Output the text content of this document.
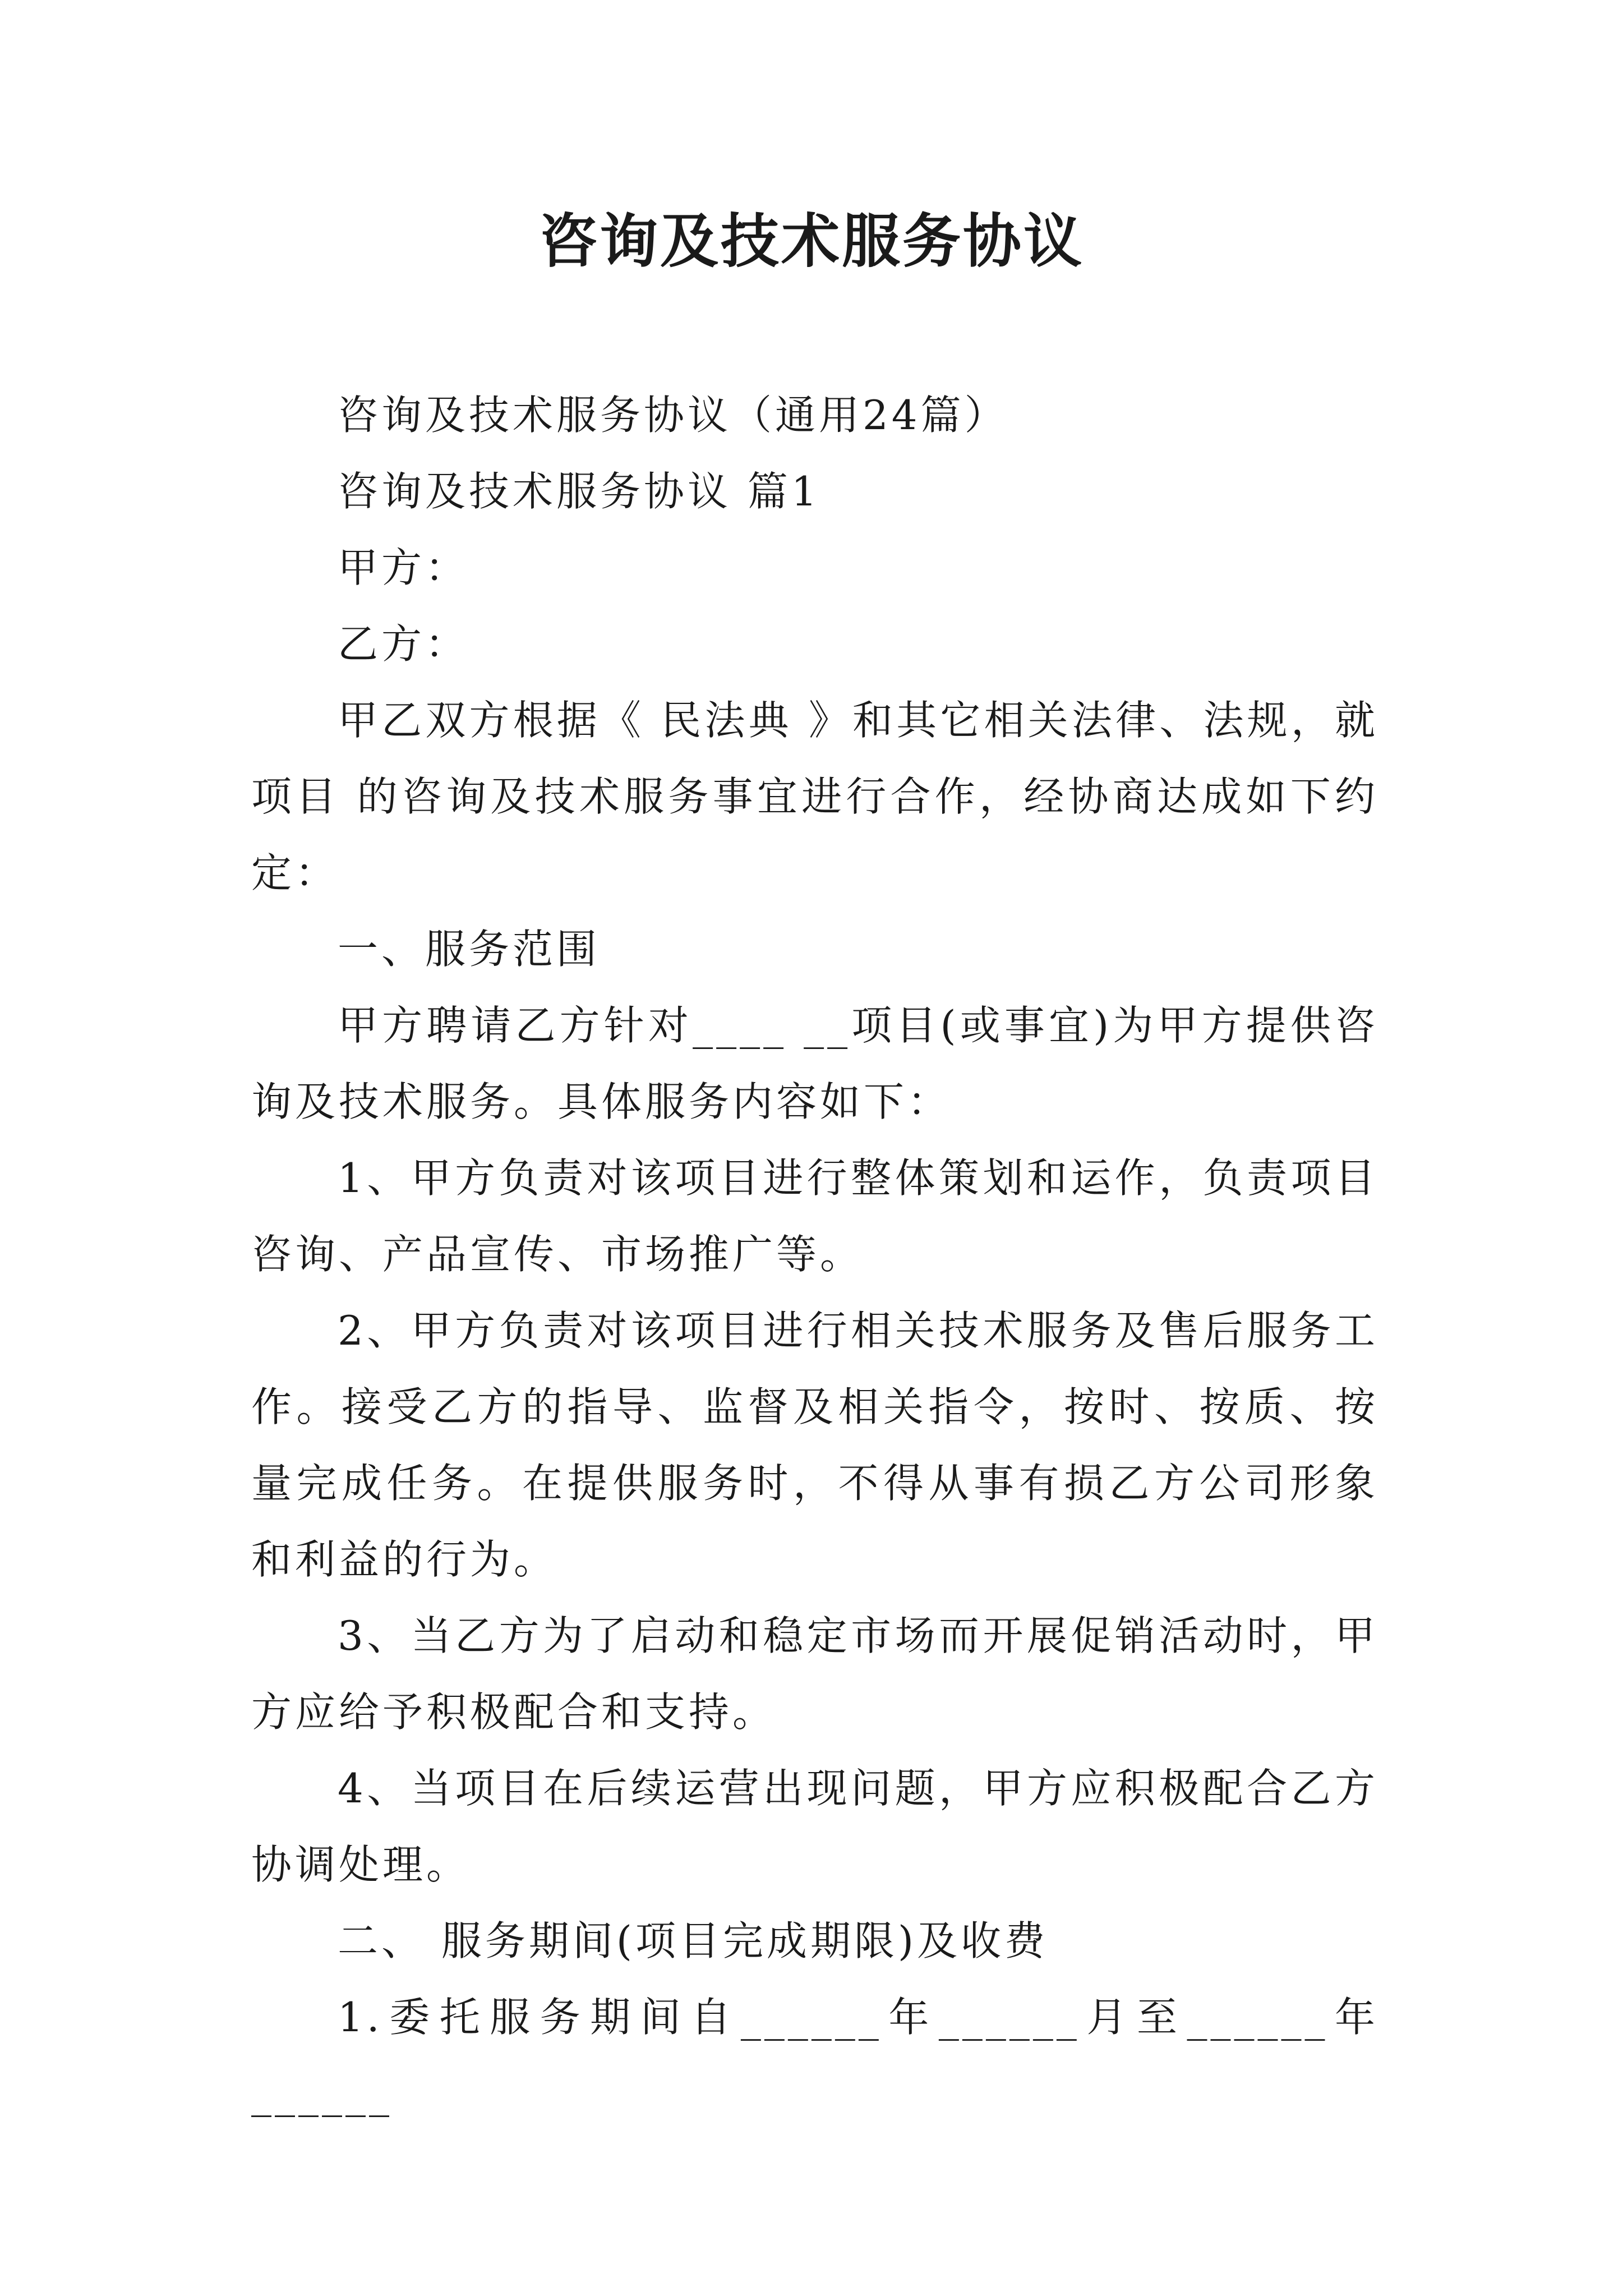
咨询及技术服务协议

咨询及技术服务协议（通用24篇）

咨询及技术服务协议 篇1

甲方：

乙方：

甲乙双方根据《 民法典 》和其它相关法律、法规，就项目 的咨询及技术服务事宜进行合作，经协商达成如下约定：

一、服务范围

甲方聘请乙方针对____ __项目(或事宜)为甲方提供咨询及技术服务。具体服务内容如下：

1、甲方负责对该项目进行整体策划和运作，负责项目咨询、产品宣传、市场推广等。

2、甲方负责对该项目进行相关技术服务及售后服务工作。接受乙方的指导、监督及相关指令，按时、按质、按量完成任务。在提供服务时，不得从事有损乙方公司形象和利益的行为。

3、当乙方为了启动和稳定市场而开展促销活动时，甲方应给予积极配合和支持。

4、当项目在后续运营出现问题，甲方应积极配合乙方协调处理。

二、 服务期间(项目完成期限)及收费

1.委托服务期间自______年______月至______年______
